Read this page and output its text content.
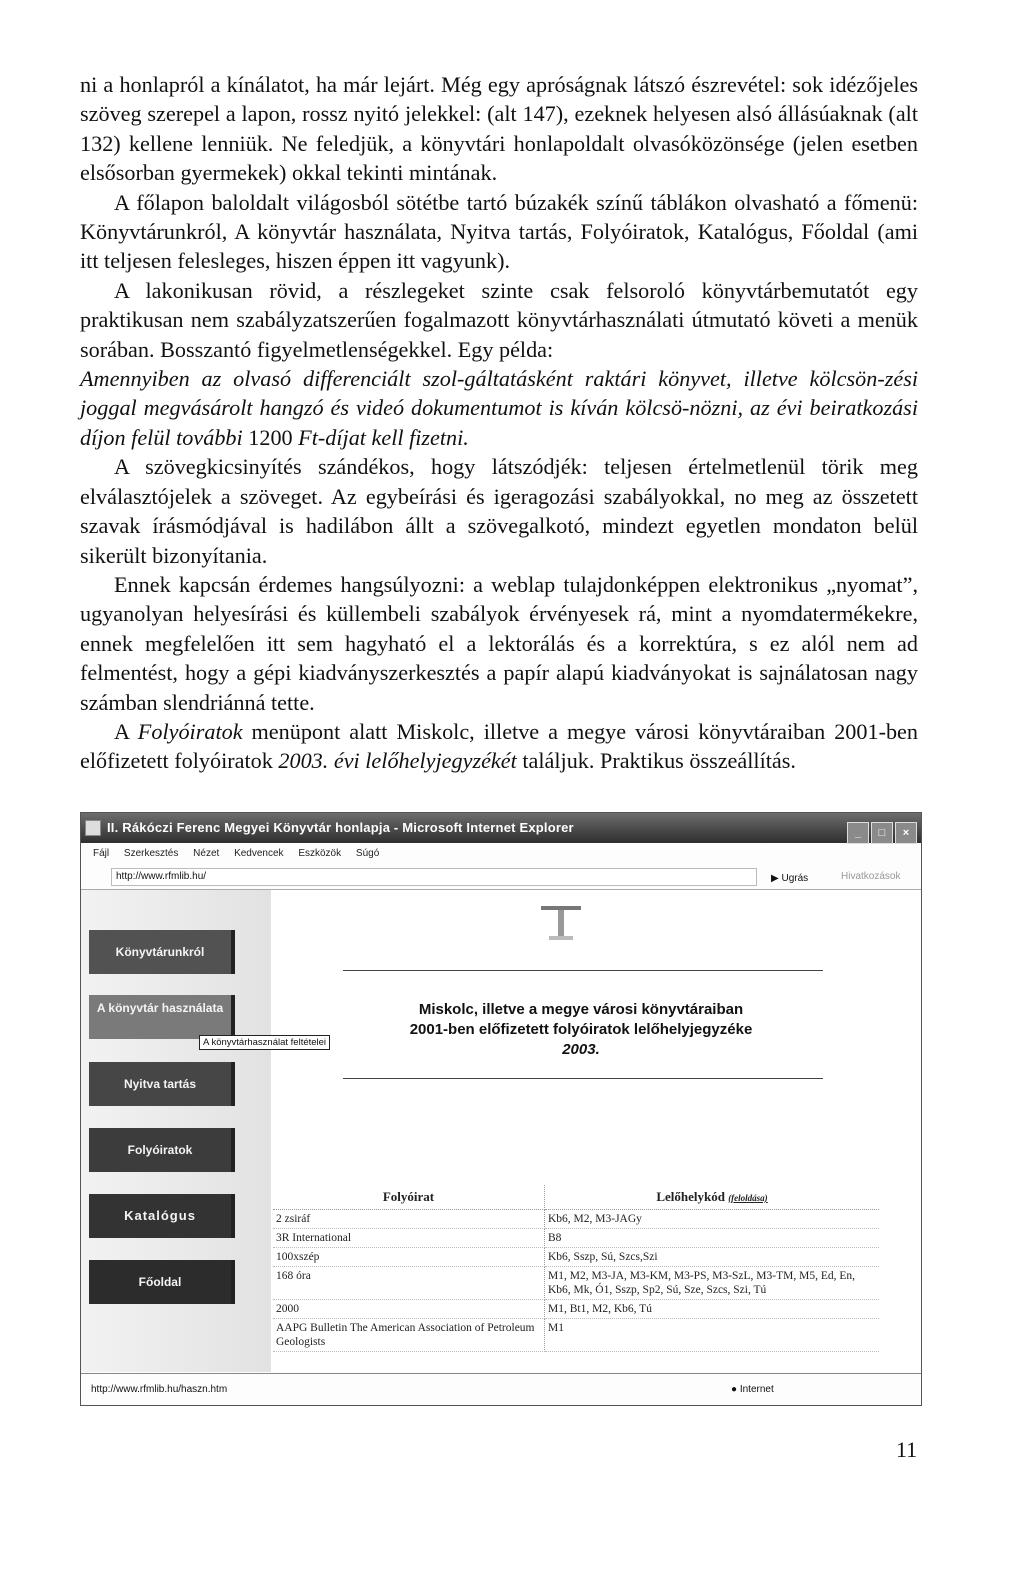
ni a honlapról a kínálatot, ha már lejárt. Még egy apróságnak látszó észrevétel: sok idézőjeles szöveg szerepel a lapon, rossz nyitó jelekkel: (alt 147), ezeknek helyesen alsó állásúaknak (alt 132) kellene lenniük. Ne feledjük, a könyvtári honlapoldalt olvasóközönsége (jelen esetben elsősorban gyermekek) okkal tekinti mintának.

A főlapon baloldalt világosból sötétbe tartó búzakék színű táblákon olvasható a főmenü: Könyvtárunkról, A könyvtár használata, Nyitva tartás, Folyóiratok, Katalógus, Főoldal (ami itt teljesen felesleges, hiszen éppen itt vagyunk).

A lakonikusan rövid, a részlegeket szinte csak felsoroló könyvtárbemutatót egy praktikusan nem szabályzatszerűen fogalmazott könyvtárhasználati útmutató követi a menük sorában. Bosszantó figyelmetlenségekkel. Egy példa:

Amennyiben az olvasó differenciált szol-gáltatásként raktári könyvet, illetve kölcsön-zési joggal megvásárolt hangzó és videó dokumentumot is kíván kölcsö-nözni, az évi beiratkozási díjon felül további 1200 Ft-díjat kell fizetni.

A szövegkicsinyítés szándékos, hogy látszódjék: teljesen értelmetlenül törik meg elválasztójelek a szöveget. Az egybeírási és igeragozási szabályokkal, no meg az összetett szavak írásmódjával is hadilábon állt a szövegalkotó, mindezt egyetlen mondaton belül sikerült bizonyítania.

Ennek kapcsán érdemes hangsúlyozni: a weblap tulajdonképpen elektronikus „nyomat”, ugyanolyan helyesírási és küllembeli szabályok érvényesek rá, mint a nyomdatermékekre, ennek megfelelően itt sem hagyható el a lektorálás és a korrektúra, s ez alól nem ad felmentést, hogy a gépi kiadványszerkesztés a papír alapú kiadványokat is sajnálatosan nagy számban slendriánná tette.

A Folyóiratok menüpont alatt Miskolc, illetve a megye városi könyvtáraiban 2001-ben előfizetett folyóiratok 2003. évi lelőhelyjegyzékét találjuk. Praktikus összeállítás.

II. Rákóczi Ferenc Megyei Könyvtár honlapja - Microsoft Internet Explorer	_ □ ×
Fájl Szerkesztés Nézet Kedvencek Eszközök Súgó
http://www.rfmlib.hu/	▶ Ugrás	Hivatkozások
Könyvtárunkról
A könyvtár használata
Nyitva tartás
Folyóiratok
Katalógus
Főoldal
A könyvtárhasználat feltételei
Miskolc, illetve a megye városi könyvtáraiban
2001-ben előfizetett folyóiratok lelőhelyjegyzéke
2003.
Folyóirat	Lelőhelykód (feloldása)
2 zsiráf	Kb6, M2, M3-JAGy
3R International	B8
100xszép	Kb6, Sszp, Sú, Szcs,Szi
168 óra	M1, M2, M3-JA, M3-KM, M3-PS, M3-SzL, M3-TM, M5, Ed, En, Kb6, Mk, Ó1, Sszp, Sp2, Sú, Sze, Szcs, Szi, Tú
2000	M1, Bt1, M2, Kb6, Tú
AAPG Bulletin The American Association of Petroleum Geologists	M1
http://www.rfmlib.hu/haszn.htm	● Internet
11
